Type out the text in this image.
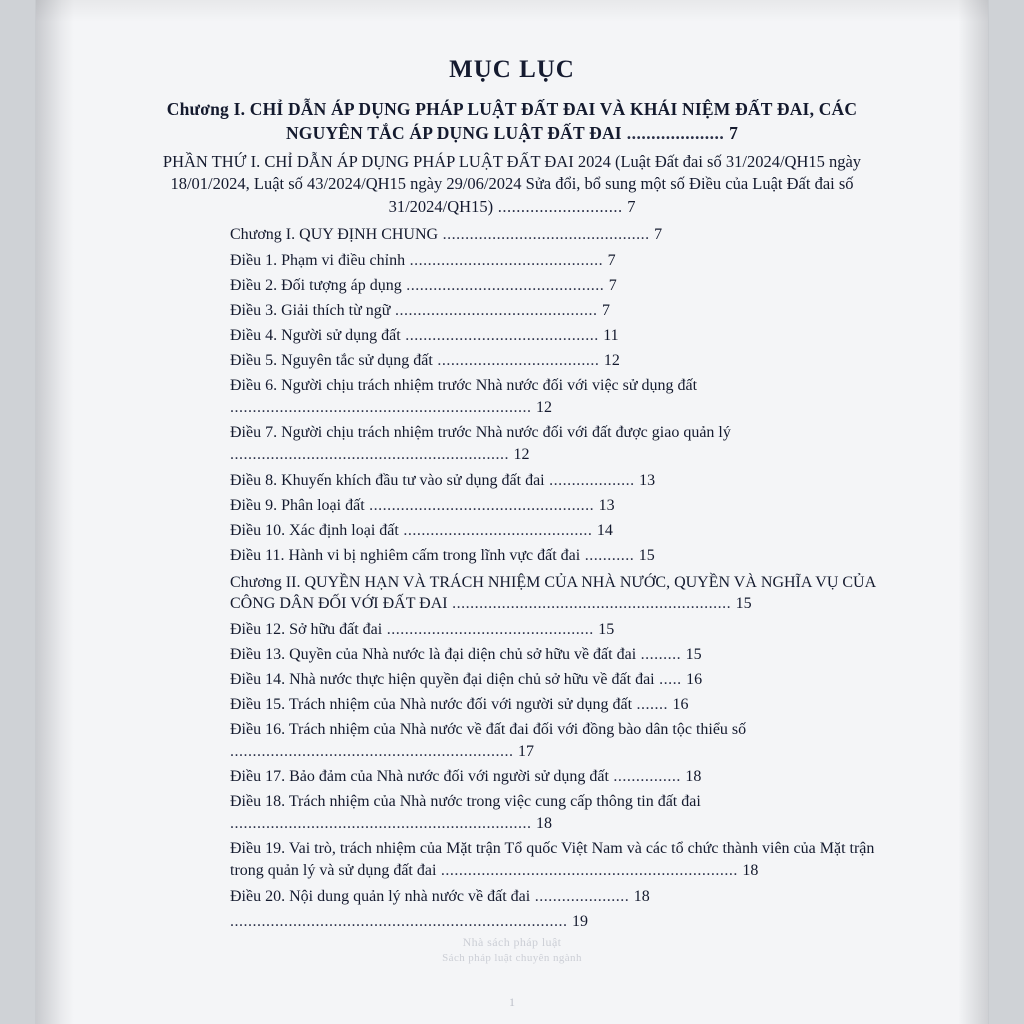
MỤC LỤC
Chương I. CHỈ DẪN ÁP DỤNG PHÁP LUẬT ĐẤT ĐAI VÀ KHÁI NIỆM ĐẤT ĐAI, CÁC NGUYÊN TẮC ÁP DỤNG LUẬT ĐẤT ĐAI .................... 7
PHẦN THỨ I. CHỈ DẪN ÁP DỤNG PHÁP LUẬT ĐẤT ĐAI 2024 (Luật Đất đai số 31/2024/QH15 ngày 18/01/2024, Luật số 43/2024/QH15 ngày 29/06/2024 Sửa đổi, bổ sung một số Điều của Luật Đất đai số 31/2024/QH15) ........................... 7
Chương I. QUY ĐỊNH CHUNG .............................................. 7
Điều 1. Phạm vi điều chỉnh ........................................... 7
Điều 2. Đối tượng áp dụng ............................................ 7
Điều 3. Giải thích từ ngữ ............................................. 7
Điều 4. Người sử dụng đất ........................................... 11
Điều 5. Nguyên tắc sử dụng đất .................................... 12
Điều 6. Người chịu trách nhiệm trước Nhà nước đối với việc sử dụng đất ................................................................... 12
Điều 7. Người chịu trách nhiệm trước Nhà nước đối với đất được giao quản lý .............................................................. 12
Điều 8. Khuyến khích đầu tư vào sử dụng đất đai ................... 13
Điều 9. Phân loại đất .................................................. 13
Điều 10. Xác định loại đất .......................................... 14
Điều 11. Hành vi bị nghiêm cấm trong lĩnh vực đất đai ........... 15
Chương II. QUYỀN HẠN VÀ TRÁCH NHIỆM CỦA NHÀ NƯỚC, QUYỀN VÀ NGHĨA VỤ CỦA CÔNG DÂN ĐỐI VỚI ĐẤT ĐAI .............................................................. 15
Điều 12. Sở hữu đất đai .............................................. 15
Điều 13. Quyền của Nhà nước là đại diện chủ sở hữu về đất đai ......... 15
Điều 14. Nhà nước thực hiện quyền đại diện chủ sở hữu về đất đai ..... 16
Điều 15. Trách nhiệm của Nhà nước đối với người sử dụng đất ....... 16
Điều 16. Trách nhiệm của Nhà nước về đất đai đối với đồng bào dân tộc thiểu số ............................................................... 17
Điều 17. Bảo đảm của Nhà nước đối với người sử dụng đất ............... 18
Điều 18. Trách nhiệm của Nhà nước trong việc cung cấp thông tin đất đai ................................................................... 18
Điều 19. Vai trò, trách nhiệm của Mặt trận Tổ quốc Việt Nam và các tổ chức thành viên của Mặt trận trong quản lý và sử dụng đất đai .................................................................. 18
Điều 20. Nội dung quản lý nhà nước về đất đai ..................... 18
........................................................................... 19
Nhà sách pháp luật
Sách pháp luật chuyên ngành
1
